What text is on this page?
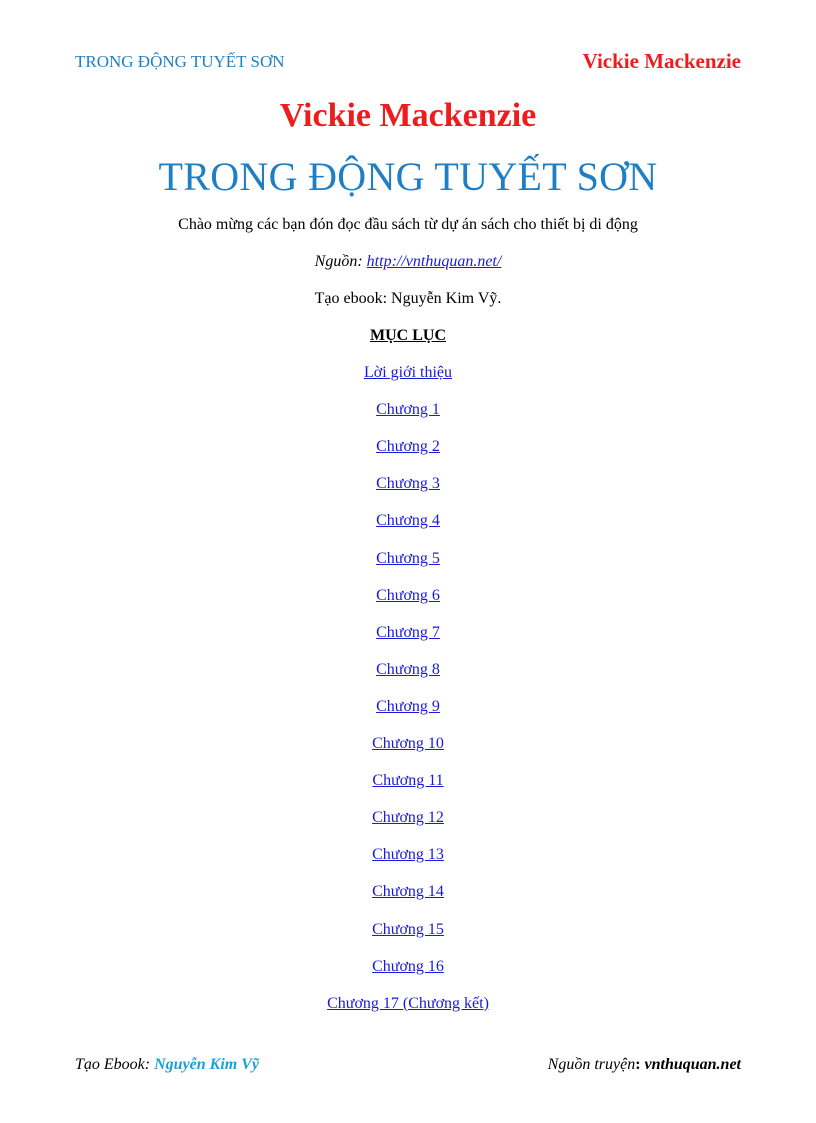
TRONG ĐỘNG TUYẾT SƠN	Vickie Mackenzie
Vickie Mackenzie
TRONG ĐỘNG TUYẾT SƠN
Chào mừng các bạn đón đọc đầu sách từ dự án sách cho thiết bị di động
Nguồn: http://vnthuquan.net/
Tạo ebook: Nguyễn Kim Vỹ.
MỤC LỤC
Lời giới thiệu
Chương 1
Chương 2
Chương 3
Chương 4
Chương 5
Chương 6
Chương 7
Chương 8
Chương 9
Chương 10
Chương 11
Chương 12
Chương 13
Chương 14
Chương 15
Chương 16
Chương 17 (Chương kết)
Tạo Ebook: Nguyễn Kim Vỹ	Nguồn truyện: vnthuquan.net
